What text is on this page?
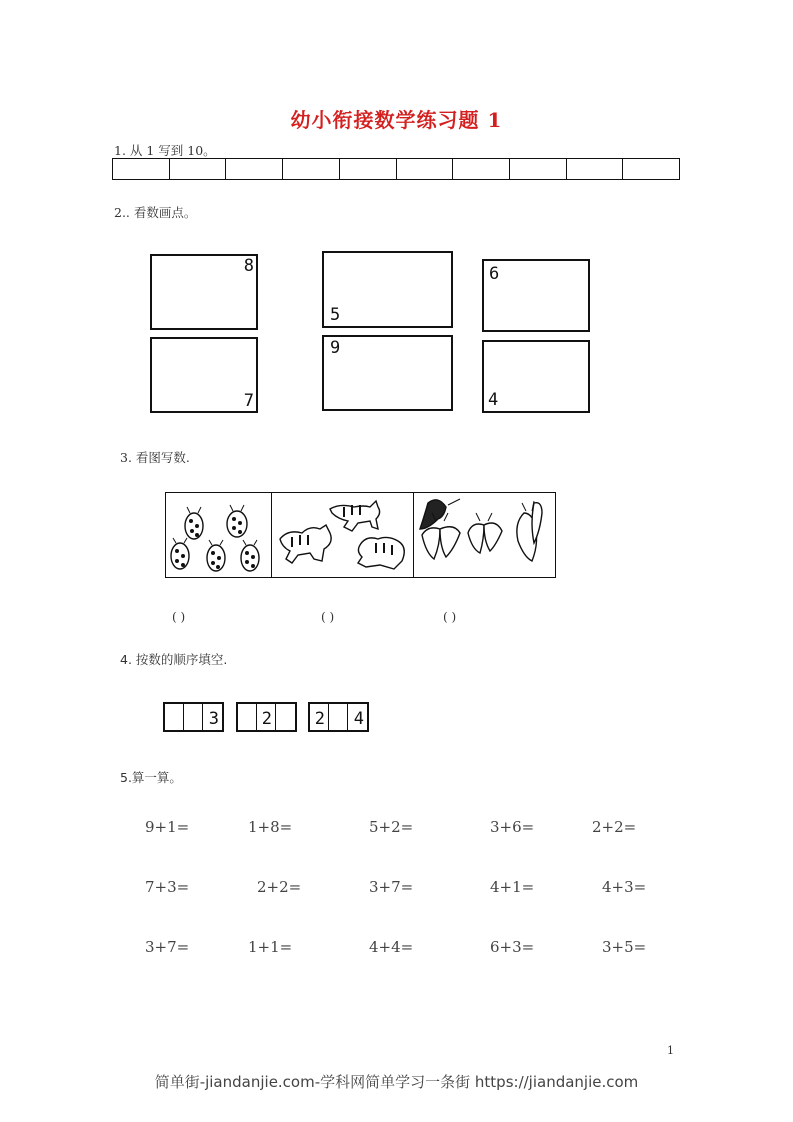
幼小衔接数学练习题 1
1. 从 1 写到 10。
2.. 看数画点。
8
5
6
7
9
4
3. 看图写数.
( )	( )	( )
4. 按数的顺序填空.
3	2	2 4
5.算一算。
9+1=	1+8=	5+2=	3+6=	2+2=
7+3=	2+2=	3+7=	4+1=	4+3=
3+7=	1+1=	4+4=	6+3=	3+5=
1
简单街-jiandanjie.com-学科网简单学习一条街 https://jiandanjie.com
